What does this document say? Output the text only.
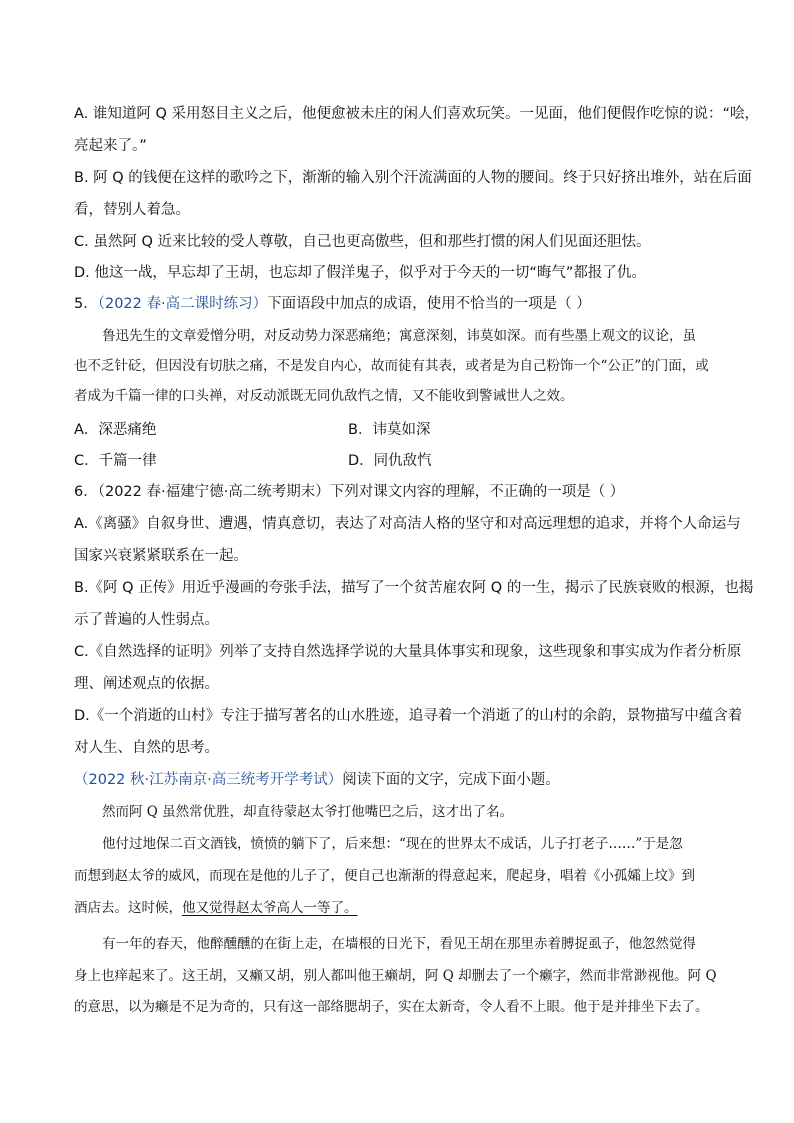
A. 谁知道阿 Q 采用怒目主义之后，他便愈被未庄的闲人们喜欢玩笑。一见面，他们便假作吃惊的说：“哙，
亮起来了。”
B. 阿 Q 的钱便在这样的歌吟之下，渐渐的输入别个汗流满面的人物的腰间。终于只好挤出堆外，站在后面
看，替别人着急。
C. 虽然阿 Q 近来比较的受人尊敬，自己也更高傲些，但和那些打惯的闲人们见面还胆怯。
D. 他这一战，早忘却了王胡，也忘却了假洋鬼子，似乎对于今天的一切“晦气”都报了仇。
5．（2022 春·高二课时练习）下面语段中加点的成语，使用不恰当的一项是（ ）
鲁迅先生的文章爱憎分明，对反动势力深恶痛绝；寓意深刻，讳莫如深。而有些墨上观文的议论，虽
也不乏针砭，但因没有切肤之痛，不是发自内心，故而徒有其表，或者是为自己粉饰一个“公正”的门面，或
者成为千篇一律的口头禅，对反动派既无同仇敌忾之情，又不能收到警诫世人之效。
A．深恶痛绝	B．讳莫如深
C．千篇一律	D．同仇敌忾
6．（2022 春·福建宁德·高二统考期末）下列对课文内容的理解，不正确的一项是（ ）
A.《离骚》自叙身世、遭遇，情真意切，表达了对高洁人格的坚守和对高远理想的追求，并将个人命运与
国家兴衰紧紧联系在一起。
B.《阿 Q 正传》用近乎漫画的夸张手法，描写了一个贫苦雇农阿 Q 的一生，揭示了民族衰败的根源，也揭
示了普遍的人性弱点。
C.《自然选择的证明》列举了支持自然选择学说的大量具体事实和现象，这些现象和事实成为作者分析原
理、阐述观点的依据。
D.《一个消逝的山村》专注于描写著名的山水胜迹，追寻着一个消逝了的山村的余韵，景物描写中蕴含着
对人生、自然的思考。
（2022 秋·江苏南京·高三统考开学考试）阅读下面的文字，完成下面小题。
然而阿 Q 虽然常优胜，却直待蒙赵太爷打他嘴巴之后，这才出了名。
他付过地保二百文酒钱，愤愤的躺下了，后来想：“现在的世界太不成话，儿子打老子……”于是忽
而想到赵太爷的威风，而现在是他的儿子了，便自己也渐渐的得意起来，爬起身，唱着《小孤孀上坟》到
酒店去。这时候，他又觉得赵太爷高人一等了。
有一年的春天，他醉醺醺的在街上走，在墙根的日光下，看见王胡在那里赤着膊捉虱子，他忽然觉得
身上也痒起来了。这王胡，又癞又胡，别人都叫他王癞胡，阿 Q 却删去了一个癞字，然而非常渺视他。阿 Q
的意思，以为癞是不足为奇的，只有这一部络腮胡子，实在太新奇，令人看不上眼。他于是并排坐下去了。
